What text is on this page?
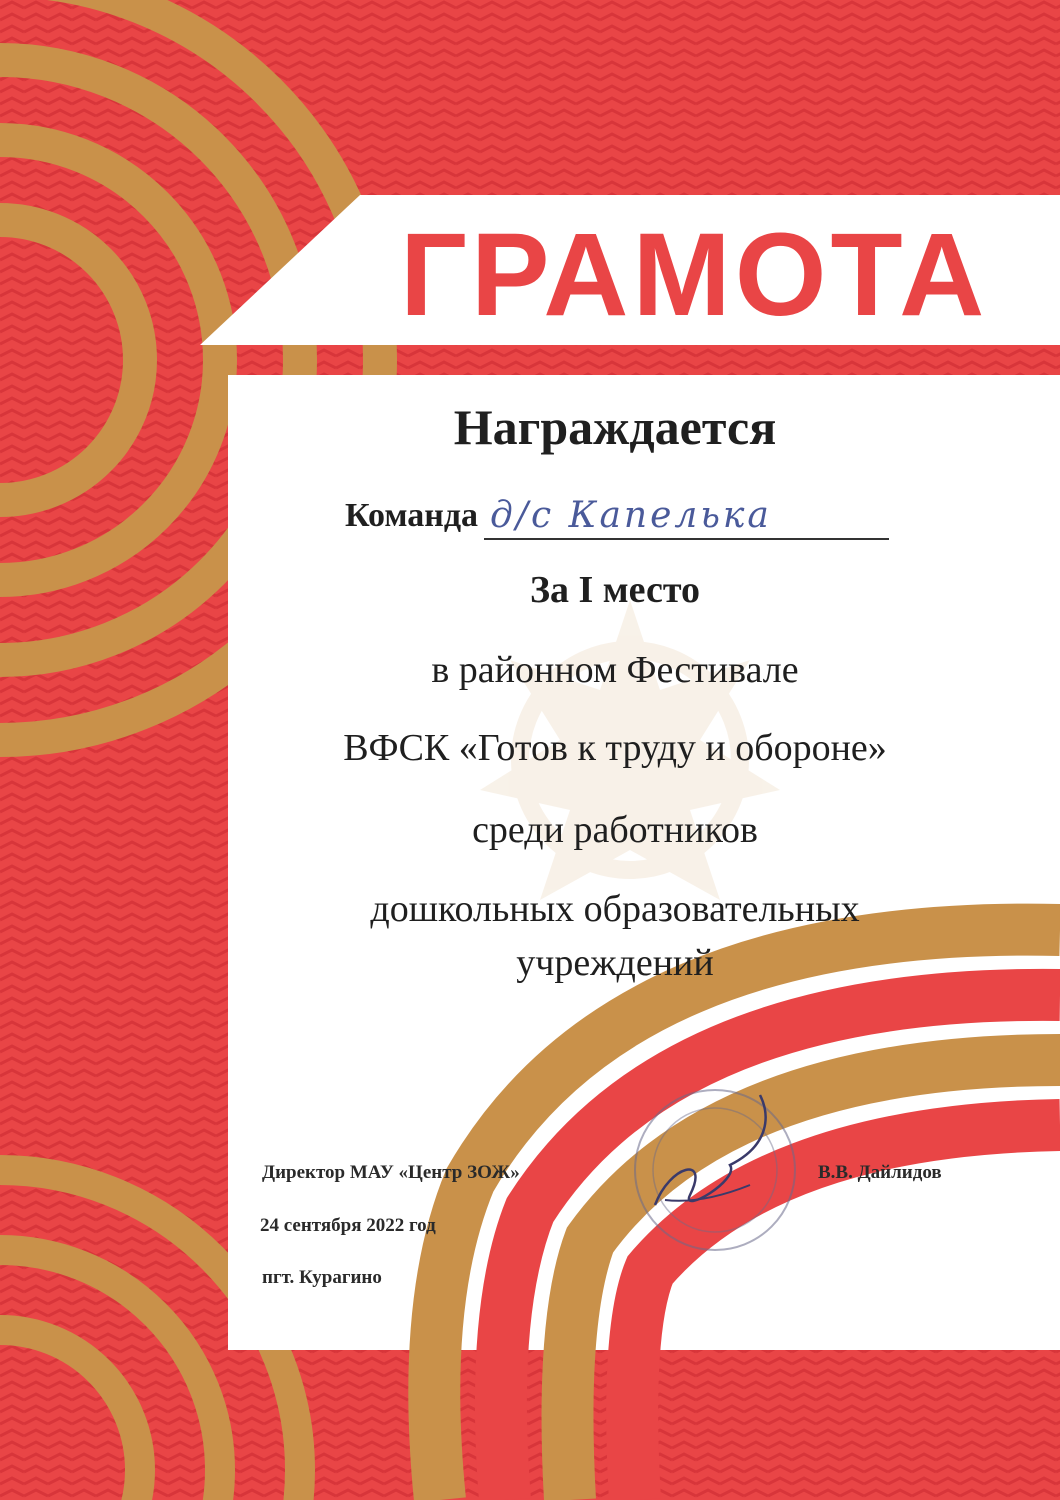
ГРАМОТА

Награждается

Команда д/с Капелька

За I место

в районном Фестивале

ВФСК «Готов к труду и обороне»

среди работников

дошкольных образовательных

учреждений

Директор МАУ «Центр ЗОЖ»	В.В. Дайлидов

24 сентября 2022 год

пгт. Курагино
